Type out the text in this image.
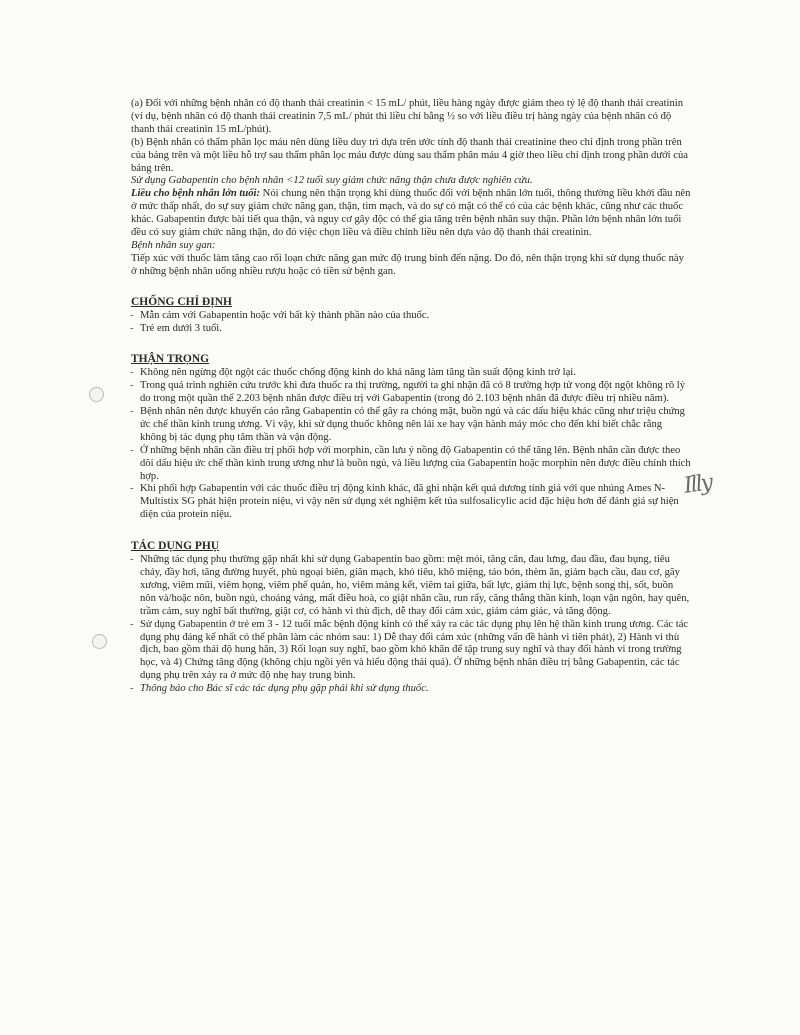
Illy

(a) Đối với những bệnh nhân có độ thanh thải creatinin < 15 mL/ phút, liều hàng ngày được giảm theo tỷ lệ độ thanh thải creatinin (ví dụ, bệnh nhân có độ thanh thải creatinin 7,5 mL/ phút thì liều chỉ bằng ½ so với liều điều trị hàng ngày của bệnh nhân có độ thanh thải creatinin 15 mL/phút).

(b) Bệnh nhân có thẩm phân lọc máu nên dùng liều duy trì dựa trên ước tính độ thanh thải creatinine theo chỉ định trong phần trên của bảng trên và một liều hỗ trợ sau thẩm phân lọc máu được dùng sau thẩm phân máu 4 giờ theo liều chỉ định trong phần dưới của bảng trên.

Sử dụng Gabapentin cho bệnh nhân <12 tuổi suy giảm chức năng thận chưa được nghiên cứu.

Liều cho bệnh nhân lớn tuổi: Nói chung nên thận trọng khi dùng thuốc đối với bệnh nhân lớn tuổi, thông thường liều khởi đầu nên ở mức thấp nhất, do sự suy giảm chức năng gan, thận, tim mạch, và do sự có mặt có thể có của các bệnh khác, cũng như các thuốc khác. Gabapentin được bài tiết qua thận, và nguy cơ gây độc có thể gia tăng trên bệnh nhân suy thận. Phần lớn bệnh nhân lớn tuổi đều có suy giảm chức năng thận, do đó việc chọn liều và điều chỉnh liều nên dựa vào độ thanh thải creatinin.

Bệnh nhân suy gan:

Tiếp xúc với thuốc làm tăng cao rối loạn chức năng gan mức độ trung bình đến nặng. Do đó, nên thận trọng khi sử dụng thuốc này ở những bệnh nhân uống nhiều rượu hoặc có tiền sử bệnh gan.

CHỐNG CHỈ ĐỊNH
- Mẫn cảm với Gabapentin hoặc với bất kỳ thành phần nào của thuốc.
- Trẻ em dưới 3 tuổi.
THẬN TRỌNG
- Không nên ngừng đột ngột các thuốc chống động kinh do khả năng làm tăng tần suất động kinh trở lại.
- Trong quá trình nghiên cứu trước khi đưa thuốc ra thị trường, người ta ghi nhận đã có 8 trường hợp tử vong đột ngột không rõ lý do trong một quần thể 2.203 bệnh nhân được điều trị với Gabapentin (trong đó 2.103 bệnh nhân đã được điều trị nhiều năm).
- Bệnh nhân nên được khuyến cáo rằng Gabapentin có thể gây ra chóng mặt, buồn ngủ và các dấu hiệu khác cũng như triệu chứng ức chế thần kinh trung ương. Vì vậy, khi sử dụng thuốc không nên lái xe hay vận hành máy móc cho đến khi biết chắc rằng không bị tác dụng phụ tâm thần và vận động.
- Ở những bệnh nhân cần điều trị phối hợp với morphin, cần lưu ý nồng độ Gabapentin có thể tăng lên. Bệnh nhân cần được theo dõi dấu hiệu ức chế thần kinh trung ương như là buồn ngủ, và liều lượng của Gabapentin hoặc morphin nên được điều chỉnh thích hợp.
- Khi phối hợp Gabapentin với các thuốc điều trị động kinh khác, đã ghi nhận kết quả dương tính giả với que nhúng Ames N-Multistix SG phát hiện protein niệu, vì vậy nên sử dụng xét nghiệm kết tủa sulfosalicylic acid đặc hiệu hơn để đánh giá sự hiện diện của protein niệu.
TÁC DỤNG PHỤ
- Những tác dụng phụ thường gặp nhất khi sử dụng Gabapentin bao gồm: mệt mỏi, tăng cân, đau lưng, đau đầu, đau bụng, tiêu chảy, đầy hơi, tăng đường huyết, phù ngoại biên, giãn mạch, khó tiêu, khô miệng, táo bón, thèm ăn, giảm bạch cầu, đau cơ, gãy xương, viêm mũi, viêm họng, viêm phế quản, ho, viêm màng kết, viêm tai giữa, bất lực, giảm thị lực, bệnh song thị, sốt, buồn nôn và/hoặc nôn, buồn ngủ, choáng váng, mất điều hoà, co giật nhãn cầu, run rẩy, căng thẳng thần kinh, loạn vận ngôn, hay quên, trầm cảm, suy nghĩ bất thường, giật cơ, có hành vi thù địch, dễ thay đổi cảm xúc, giảm cảm giác, và tăng động.
- Sử dụng Gabapentin ở trẻ em 3 - 12 tuổi mắc bệnh động kinh có thể xảy ra các tác dụng phụ lên hệ thần kinh trung ương. Các tác dụng phụ đáng kể nhất có thể phân làm các nhóm sau: 1) Dễ thay đổi cảm xúc (những vấn đề hành vi tiên phát), 2) Hành vi thù địch, bao gồm thái độ hung hăn, 3) Rối loạn suy nghĩ, bao gồm khó khăn để tập trung suy nghĩ và thay đổi hành vi trong trường học, và 4) Chứng tăng động (không chịu ngồi yên và hiếu động thái quá). Ở những bệnh nhân điều trị bằng Gabapentin, các tác dụng phụ trên xảy ra ở mức độ nhẹ hay trung bình.
- Thông báo cho Bác sĩ các tác dụng phụ gặp phải khi sử dụng thuốc.
